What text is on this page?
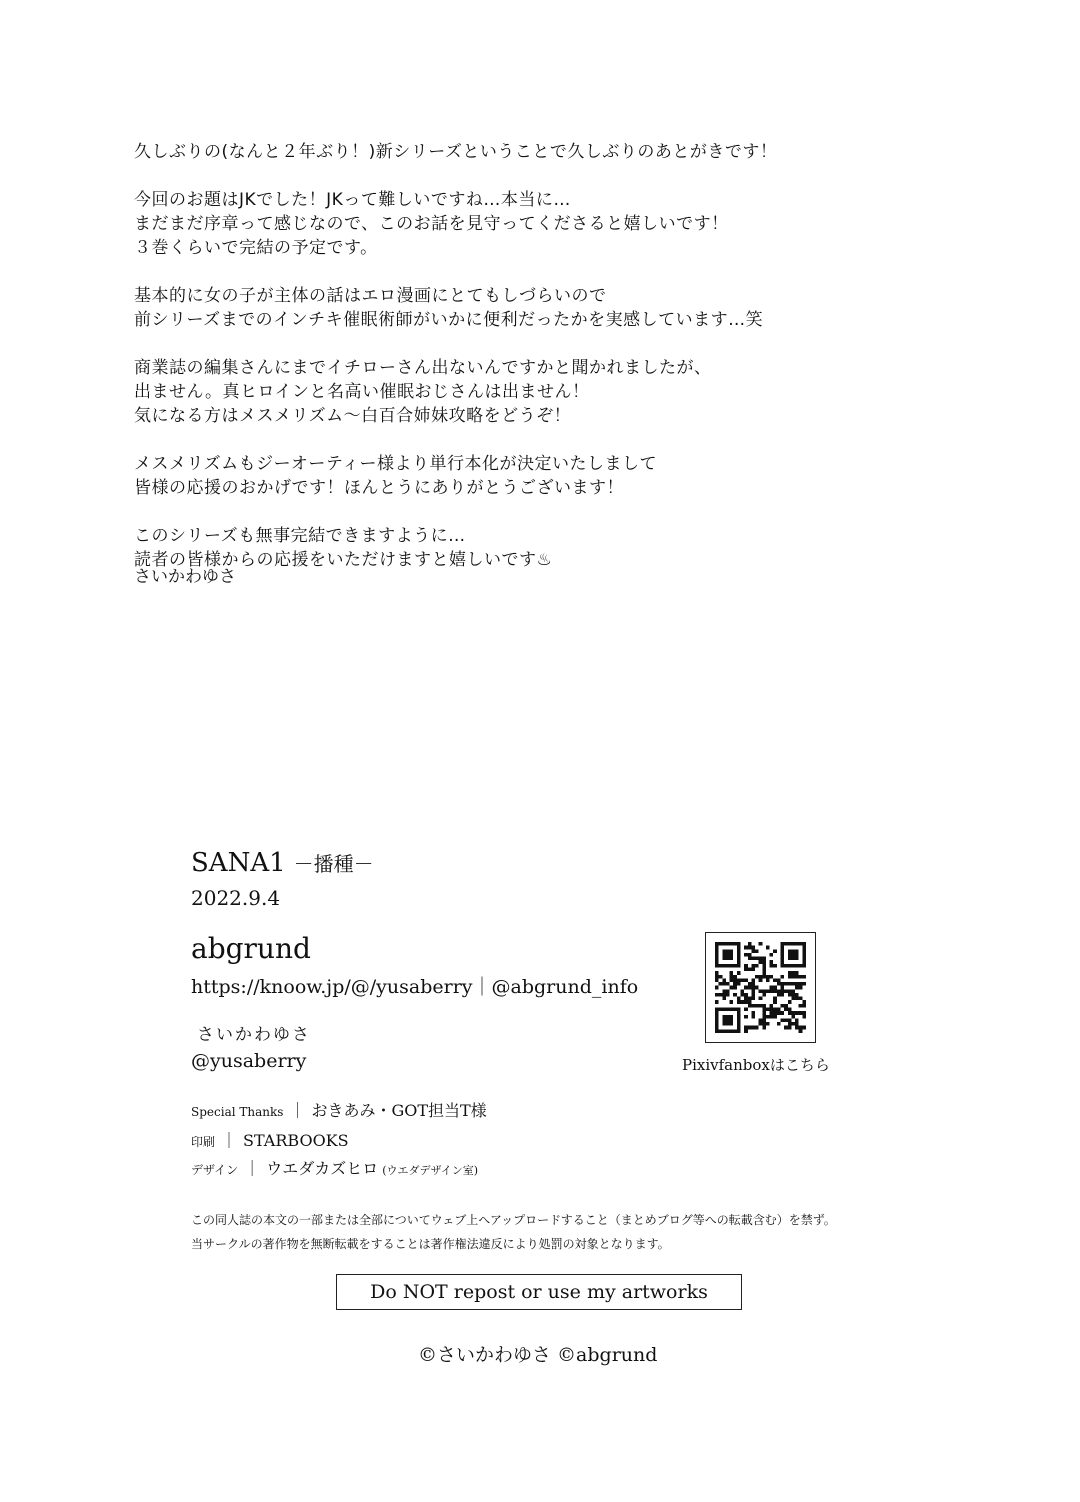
久しぶりの(なんと２年ぶり！)新シリーズということで久しぶりのあとがきです！

今回のお題はJKでした！JKって難しいですね…本当に…
まだまだ序章って感じなので、このお話を見守ってくださると嬉しいです！
３巻くらいで完結の予定です。

基本的に女の子が主体の話はエロ漫画にとてもしづらいので
前シリーズまでのインチキ催眠術師がいかに便利だったかを実感しています…笑

商業誌の編集さんにまでイチローさん出ないんですかと聞かれましたが、
出ません。真ヒロインと名高い催眠おじさんは出ません！
気になる方はメスメリズム～白百合姉妹攻略をどうぞ！

メスメリズムもジーオーティー様より単行本化が決定いたしまして
皆様の応援のおかげです！ほんとうにありがとうございます！

このシリーズも無事完結できますように…
読者の皆様からの応援をいただけますと嬉しいです♨

さいかわゆさ
SANA1 －播種－
2022.9.4
abgrund
https://knoow.jp/@/yusaberry｜@abgrund_info
さいかわゆさ
@yusaberry	Pixivfanboxはこちら
Special Thanks ｜ おきあみ・GOT担当T様
印刷 ｜ STARBOOKS
デザイン ｜ ウエダカズヒロ (ウエダデザイン室)
この同人誌の本文の一部または全部についてウェブ上へアップロードすること（まとめブログ等への転載含む）を禁ず。
当サークルの著作物を無断転載をすることは著作権法違反により処罰の対象となります。
Do NOT repost or use my artworks
©さいかわゆさ ©abgrund
